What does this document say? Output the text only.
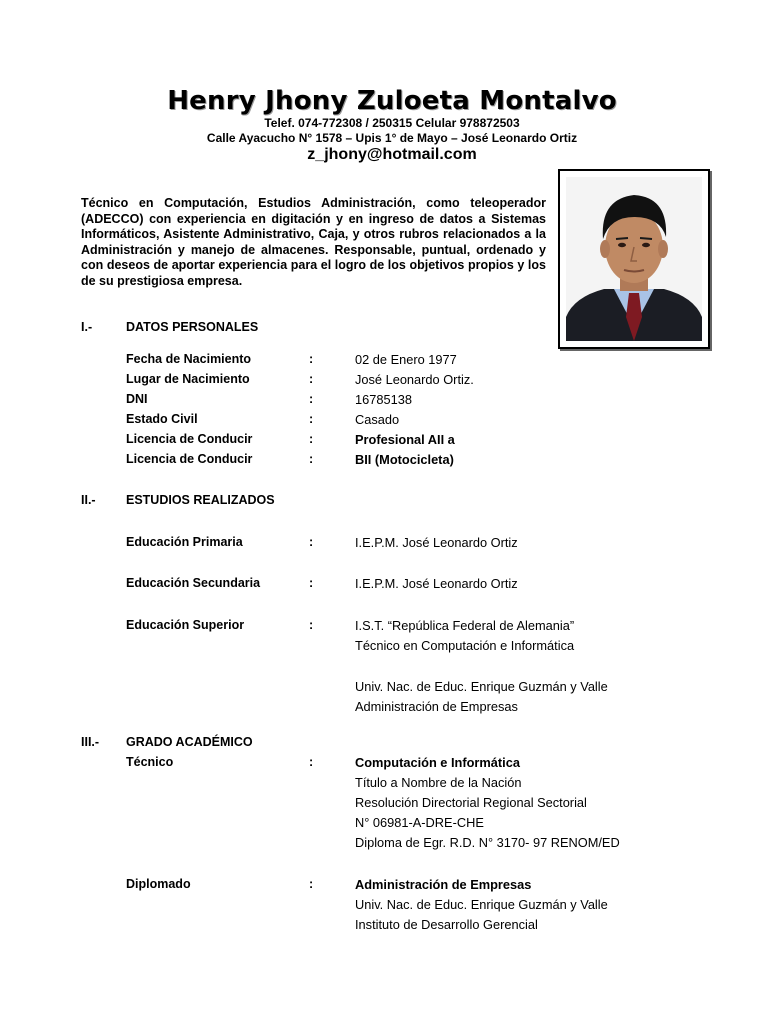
Henry Jhony Zuloeta Montalvo
Telef. 074-772308 / 250315 Celular 978872503
Calle Ayacucho N° 1578 – Upis 1° de Mayo – José Leonardo Ortiz
z_jhony@hotmail.com
Técnico en Computación, Estudios Administración, como teleoperador (ADECCO) con experiencia en digitación y en ingreso de datos a Sistemas Informáticos, Asistente Administrativo, Caja, y otros rubros relacionados a la Administración y manejo de almacenes. Responsable, puntual, ordenado y con deseos de aportar experiencia para el logro de los objetivos propios y los de su prestigiosa empresa.
I.-	DATOS PERSONALES
Fecha de Nacimiento	:	02 de Enero 1977
Lugar de Nacimiento	:	José Leonardo Ortiz.
DNI	:	16785138
Estado Civil	:	Casado
Licencia de Conducir	:	Profesional AII a
Licencia de Conducir	:	BII (Motocicleta)
II.- ESTUDIOS REALIZADOS
Educación Primaria	:	I.E.P.M. José Leonardo Ortiz
Educación Secundaria	:	I.E.P.M. José Leonardo Ortiz
Educación Superior	:	I.S.T. “República Federal de Alemania”
Técnico en Computación e Informática
Univ. Nac. de Educ. Enrique Guzmán y Valle
Administración de Empresas
III.- GRADO ACADÉMICO
Técnico	:	Computación e Informática
Título a Nombre de la Nación
Resolución Directorial Regional Sectorial
N° 06981-A-DRE-CHE
Diploma de Egr. R.D. N° 3170- 97 RENOM/ED
Diplomado	:	Administración de Empresas
Univ. Nac. de Educ. Enrique Guzmán y Valle
Instituto de Desarrollo Gerencial
